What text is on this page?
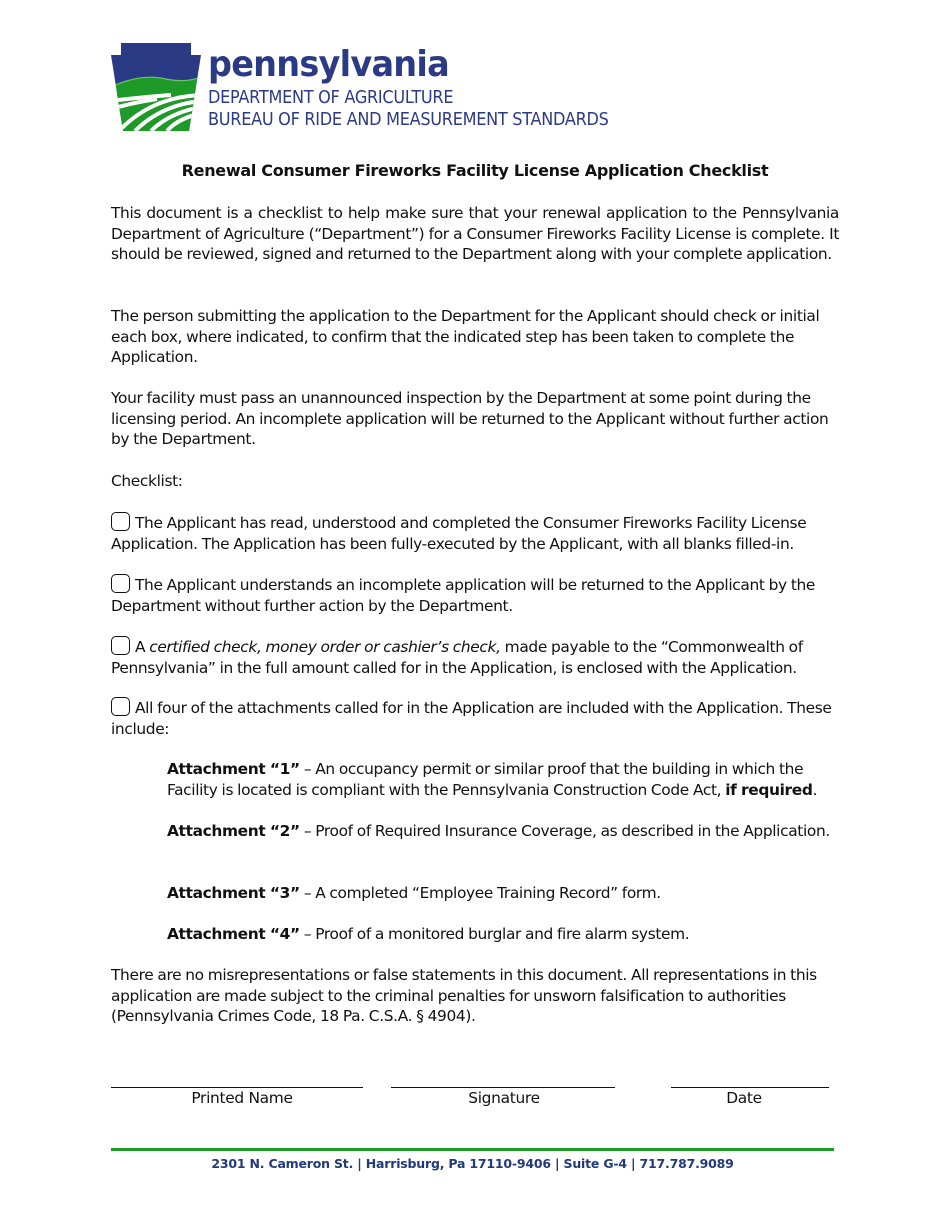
pennsylvania
DEPARTMENT OF AGRICULTURE
BUREAU OF RIDE AND MEASUREMENT STANDARDS
Renewal Consumer Fireworks Facility License Application Checklist

This document is a checklist to help make sure that your renewal application to the Pennsylvania Department of Agriculture (“Department”) for a Consumer Fireworks Facility License is complete. It should be reviewed, signed and returned to the Department along with your complete application.

The person submitting the application to the Department for the Applicant should check or initial each box, where indicated, to confirm that the indicated step has been taken to complete the Application.

Your facility must pass an unannounced inspection by the Department at some point during the licensing period. An incomplete application will be returned to the Applicant without further action by the Department.

Checklist:

The Applicant has read, understood and completed the Consumer Fireworks Facility License Application. The Application has been fully-executed by the Applicant, with all blanks filled-in.
The Applicant understands an incomplete application will be returned to the Applicant by the Department without further action by the Department.
A certified check, money order or cashier’s check, made payable to the “Commonwealth of Pennsylvania” in the full amount called for in the Application, is enclosed with the Application.
All four of the attachments called for in the Application are included with the Application. These include:
Attachment “1” – An occupancy permit or similar proof that the building in which the Facility is located is compliant with the Pennsylvania Construction Code Act, if required.
Attachment “2” – Proof of Required Insurance Coverage, as described in the Application.
Attachment “3” – A completed “Employee Training Record” form.
Attachment “4” – Proof of a monitored burglar and fire alarm system.

There are no misrepresentations or false statements in this document. All representations in this application are made subject to the criminal penalties for unsworn falsification to authorities (Pennsylvania Crimes Code, 18 Pa. C.S.A. § 4904).

Printed Name	Signature	Date
2301 N. Cameron St. | Harrisburg, Pa 17110-9406 | Suite G-4 | 717.787.9089
